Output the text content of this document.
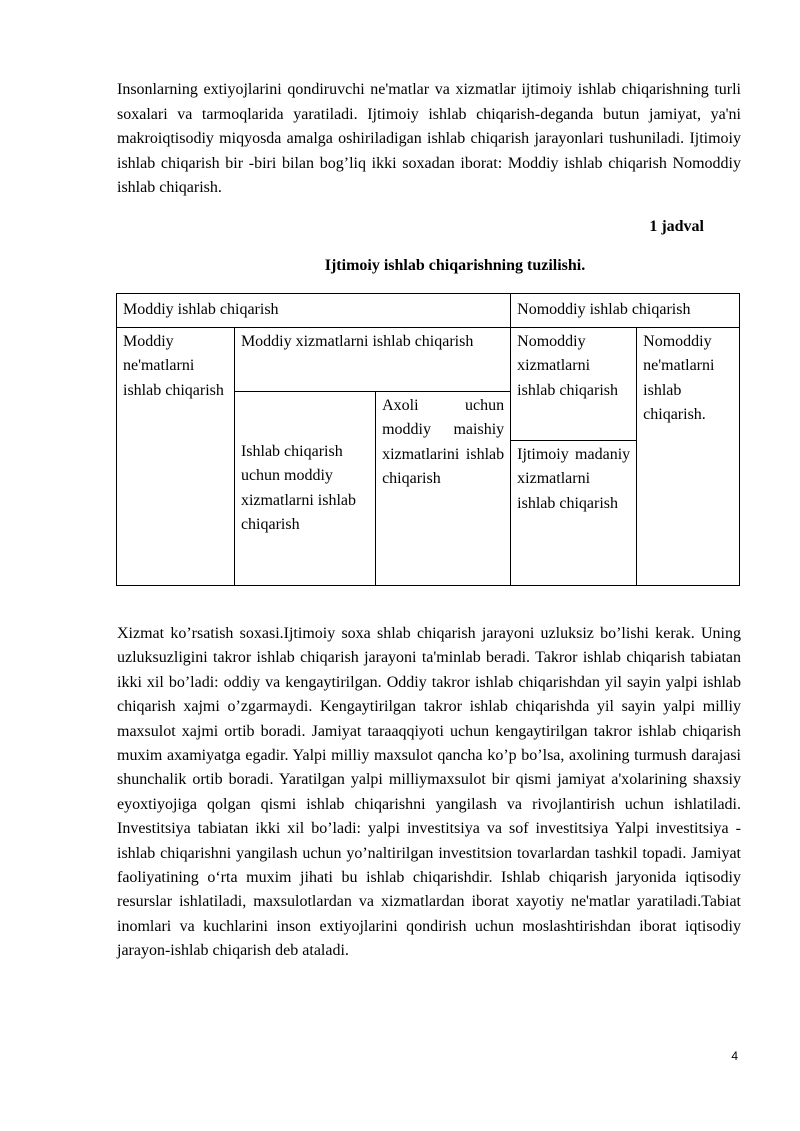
Insonlarning extiyojlarini qondiruvchi ne'matlar va xizmatlar ijtimoiy ishlab chiqarishning turli soxalari va tarmoqlarida yaratiladi. Ijtimoiy ishlab chiqarish-deganda butun jamiyat, ya'ni makroiqtisodiy miqyosda amalga oshiriladigan ishlab chiqarish jarayonlari tushuniladi. Ijtimoiy ishlab chiqarish bir -biri bilan bog’liq ikki soxadan iborat: Moddiy ishlab chiqarish Nomoddiy ishlab chiqarish.

1 jadval
Ijtimoiy ishlab chiqarishning tuzilishi.
Moddiy ishlab chiqarish			Nomoddiy ishlab chiqarish	
Moddiy ne'matlarni ishlab chiqarish	Moddiy xizmatlarni ishlab chiqarish		Nomoddiy xizmatlarni ishlab chiqarish	Nomoddiy ne'matlarni ishlab chiqarish.
	Ishlab chiqarish uchun moddiy xizmatlarni ishlab chiqarish	Axoli uchun moddiy maishiy xizmatlarini ishlab chiqarish		
			Ijtimoiy madaniy xizmatlarni ishlab chiqarish	

Xizmat ko’rsatish soxasi.Ijtimoiy soxa shlab chiqarish jarayoni uzluksiz bo’lishi kerak. Uning uzluksuzligini takror ishlab chiqarish jarayoni ta'minlab beradi. Takror ishlab chiqarish tabiatan ikki xil bo’ladi: oddiy va kengaytirilgan. Oddiy takror ishlab chiqarishdan yil sayin yalpi ishlab chiqarish xajmi o’zgarmaydi. Kengaytirilgan takror ishlab chiqarishda yil sayin yalpi milliy maxsulot xajmi ortib boradi. Jamiyat taraaqqiyoti uchun kengaytirilgan takror ishlab chiqarish muxim axamiyatga egadir. Yalpi milliy maxsulot qancha ko’p bo’lsa, axolining turmush darajasi shunchalik ortib boradi. Yaratilgan yalpi milliymaxsulot bir qismi jamiyat a'xolarining shaxsiy eyoxtiyojiga qolgan qismi ishlab chiqarishni yangilash va rivojlantirish uchun ishlatiladi. Investitsiya tabiatan ikki xil bo’ladi: yalpi investitsiya va sof investitsiya Yalpi investitsiya -ishlab chiqarishni yangilash uchun yo’naltirilgan investitsion tovarlardan tashkil topadi. Jamiyat faoliyatining o‘rta muxim jihati bu ishlab chiqarishdir. Ishlab chiqarish jaryonida iqtisodiy resurslar ishlatiladi, maxsulotlardan va xizmatlardan iborat xayotiy ne'matlar yaratiladi.Tabiat inomlari va kuchlarini inson extiyojlarini qondirish uchun moslashtirishdan iborat iqtisodiy jarayon-ishlab chiqarish deb ataladi.

4
